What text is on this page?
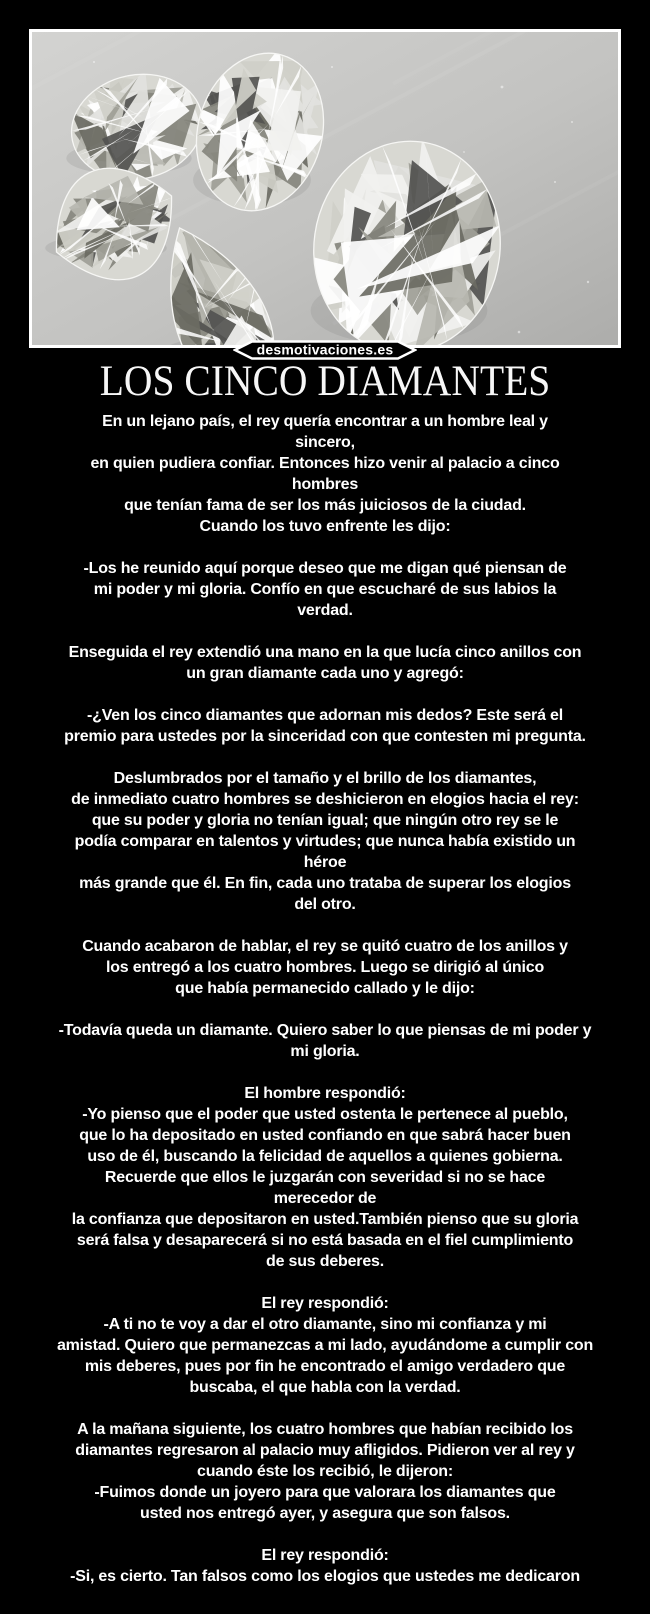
desmotivaciones.es
LOS CINCO DIAMANTES
En un lejano país, el rey quería encontrar a un hombre leal y
sincero,
en quien pudiera confiar. Entonces hizo venir al palacio a cinco
hombres
que tenían fama de ser los más juiciosos de la ciudad.
Cuando los tuvo enfrente les dijo:

-Los he reunido aquí porque deseo que me digan qué piensan de
mi poder y mi gloria. Confío en que escucharé de sus labios la
verdad.

Enseguida el rey extendió una mano en la que lucía cinco anillos con
un gran diamante cada uno y agregó:

-¿Ven los cinco diamantes que adornan mis dedos? Este será el
premio para ustedes por la sinceridad con que contesten mi pregunta.

Deslumbrados por el tamaño y el brillo de los diamantes,
de inmediato cuatro hombres se deshicieron en elogios hacia el rey:
que su poder y gloria no tenían igual; que ningún otro rey se le
podía comparar en talentos y virtudes; que nunca había existido un
héroe
más grande que él. En fin, cada uno trataba de superar los elogios
del otro.

Cuando acabaron de hablar, el rey se quitó cuatro de los anillos y
los entregó a los cuatro hombres. Luego se dirigió al único
que había permanecido callado y le dijo:

-Todavía queda un diamante. Quiero saber lo que piensas de mi poder y
mi gloria.

El hombre respondió:
-Yo pienso que el poder que usted ostenta le pertenece al pueblo,
que lo ha depositado en usted confiando en que sabrá hacer buen
uso de él, buscando la felicidad de aquellos a quienes gobierna.
Recuerde que ellos le juzgarán con severidad si no se hace
merecedor de
la confianza que depositaron en usted.También pienso que su gloria
será falsa y desaparecerá si no está basada en el fiel cumplimiento
de sus deberes.

El rey respondió:
-A ti no te voy a dar el otro diamante, sino mi confianza y mi
amistad. Quiero que permanezcas a mi lado, ayudándome a cumplir con
mis deberes, pues por fin he encontrado el amigo verdadero que
buscaba, el que habla con la verdad.

A la mañana siguiente, los cuatro hombres que habían recibido los
diamantes regresaron al palacio muy afligidos. Pidieron ver al rey y
cuando éste los recibió, le dijeron:
-Fuimos donde un joyero para que valorara los diamantes que
usted nos entregó ayer, y asegura que son falsos.

El rey respondió:
-Si, es cierto. Tan falsos como los elogios que ustedes me dedicaron
